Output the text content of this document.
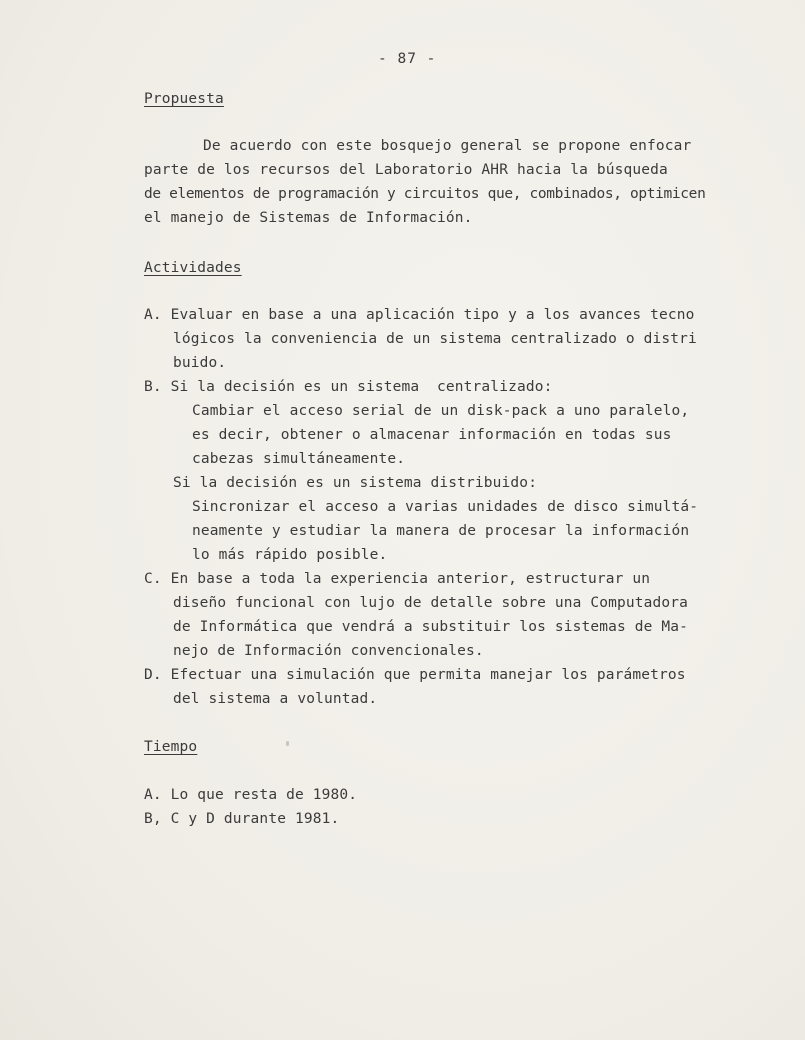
- 87 -
Propuesta
De acuerdo con este bosquejo general se propone enfocar
parte de los recursos del Laboratorio AHR hacia la búsqueda
de elementos de programación y circuitos que, combinados, optimicen
el manejo de Sistemas de Información.
Actividades
A. Evaluar en base a una aplicación tipo y a los avances tecno
lógicos la conveniencia de un sistema centralizado o distri
buido.
B. Si la decisión es un sistema  centralizado:
Cambiar el acceso serial de un disk-pack a uno paralelo,
es decir, obtener o almacenar información en todas sus
cabezas simultáneamente.
Si la decisión es un sistema distribuido:
Sincronizar el acceso a varias unidades de disco simultá-
neamente y estudiar la manera de procesar la información
lo más rápido posible.
C. En base a toda la experiencia anterior, estructurar un
diseño funcional con lujo de detalle sobre una Computadora
de Informática que vendrá a substituir los sistemas de Ma-
nejo de Información convencionales.
D. Efectuar una simulación que permita manejar los parámetros
del sistema a voluntad.
Tiempo
A. Lo que resta de 1980.
B, C y D durante 1981.
